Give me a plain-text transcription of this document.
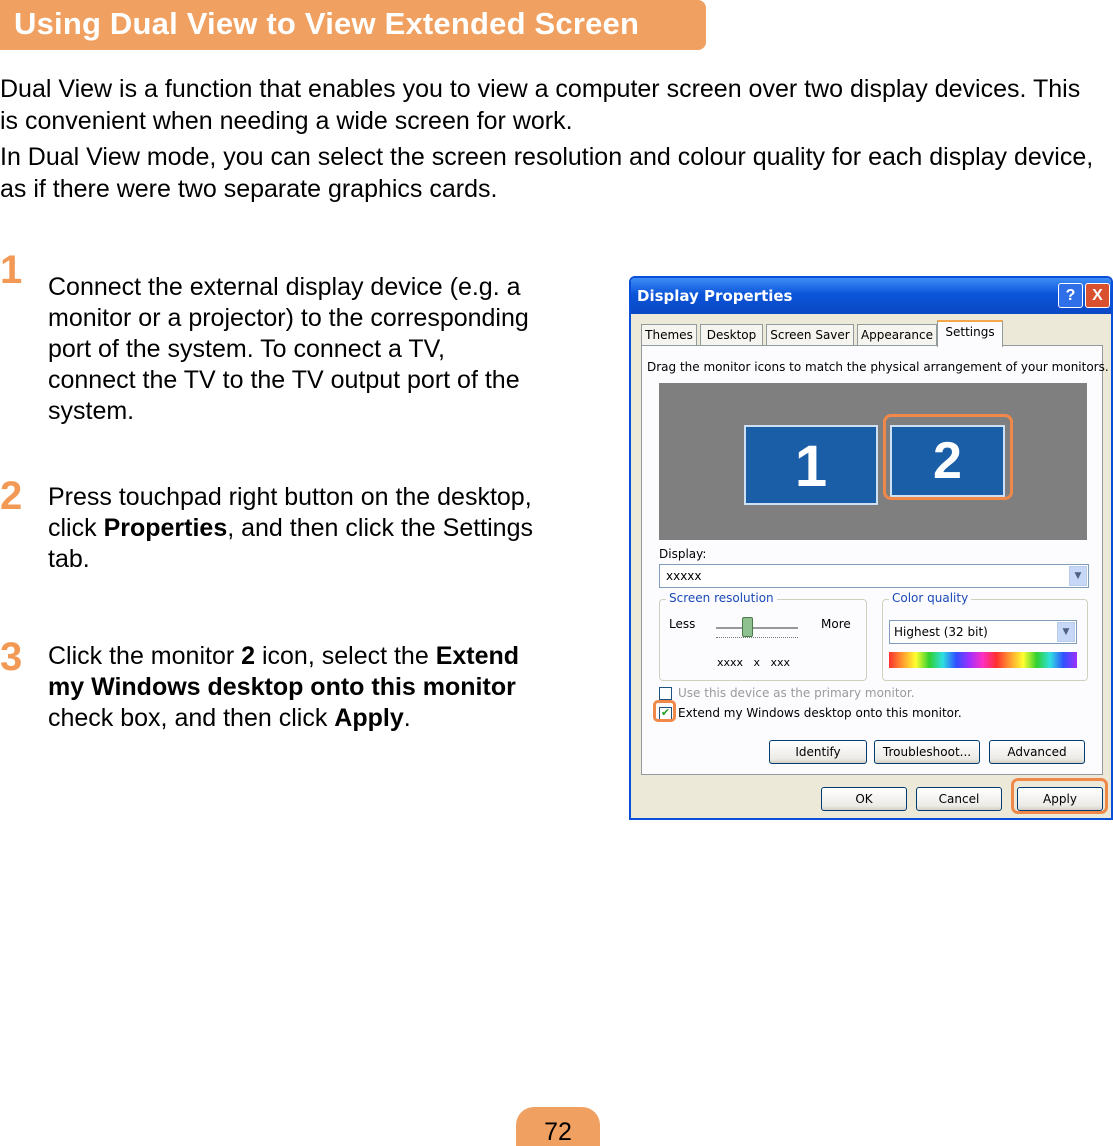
Using Dual View to View Extended Screen

Dual View is a function that enables you to view a computer screen over two display devices. This is convenient when needing a wide screen for work.

In Dual View mode, you can select the screen resolution and colour quality for each display device, as if there were two separate graphics cards.

1 Connect the external display device (e.g. a monitor or a projector) to the corresponding port of the system. To connect a TV, connect the TV to the TV output port of the system.
2 Press touchpad right button on the desktop, click Properties, and then click the Settings tab.
3 Click the monitor 2 icon, select the Extend my Windows desktop onto this monitor check box, and then click Apply.
Display Properties	?	X
Themes	Desktop	Screen Saver Appearance	Settings
Drag the monitor icons to match the physical arrangement of your monitors.
1	2
Display:
xxxxx	▼
Screen resolution
Less	More
xxxx   x   xxx
Color quality
Highest (32 bit)	▼
Use this device as the primary monitor.
✔ Extend my Windows desktop onto this monitor.
Identify	Troubleshoot...	Advanced
OK	Cancel	Apply
72
